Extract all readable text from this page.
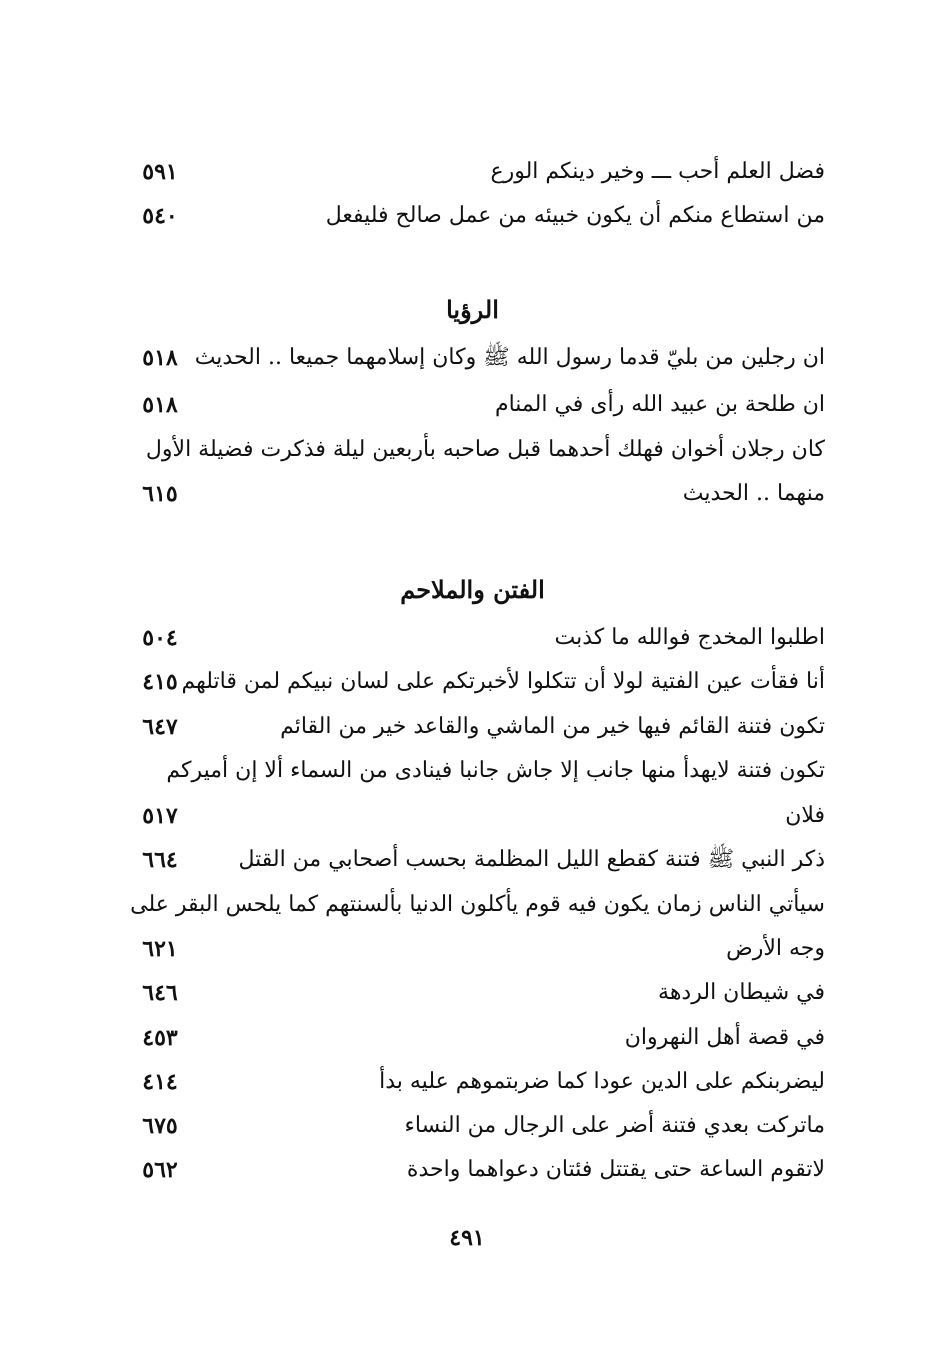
فضل العلم أحب ـــ وخير دينكم الورع
٥٩١
من استطاع منكم أن يكون خبيئه من عمل صالح فليفعل
٥٤٠
الرؤيا
ان رجلين من بليّ قدما رسول الله ﷺ وكان إسلامهما جميعا .. الحديث
٥١٨
ان طلحة بن عبيد الله رأى في المنام
٥١٨
كان رجلان أخوان فهلك أحدهما قبل صاحبه بأربعين ليلة فذكرت فضيلة الأول
منهما .. الحديث
٦١٥
الفتن والملاحم
اطلبوا المخدج فوالله ما كذبت
٥٠٤
أنا فقأت عين الفتية لولا أن تتكلوا لأخبرتكم على لسان نبيكم لمن قاتلهم
٤١٥
تكون فتنة القائم فيها خير من الماشي والقاعد خير من القائم
٦٤٧
تكون فتنة لايهدأ منها جانب إلا جاش جانبا فينادى من السماء ألا إن أميركم
فلان
٥١٧
ذكر النبي ﷺ فتنة كقطع الليل المظلمة بحسب أصحابي من القتل
٦٦٤
سيأتي الناس زمان يكون فيه قوم يأكلون الدنيا بألسنتهم كما يلحس البقر على
وجه الأرض
٦٢١
في شيطان الردهة
٦٤٦
في قصة أهل النهروان
٤٥٣
ليضربنكم على الدين عودا كما ضربتموهم عليه بدأ
٤١٤
ماتركت بعدي فتنة أضر على الرجال من النساء
٦٧٥
لاتقوم الساعة حتى يقتتل فئتان دعواهما واحدة
٥٦٢
٤٩١
